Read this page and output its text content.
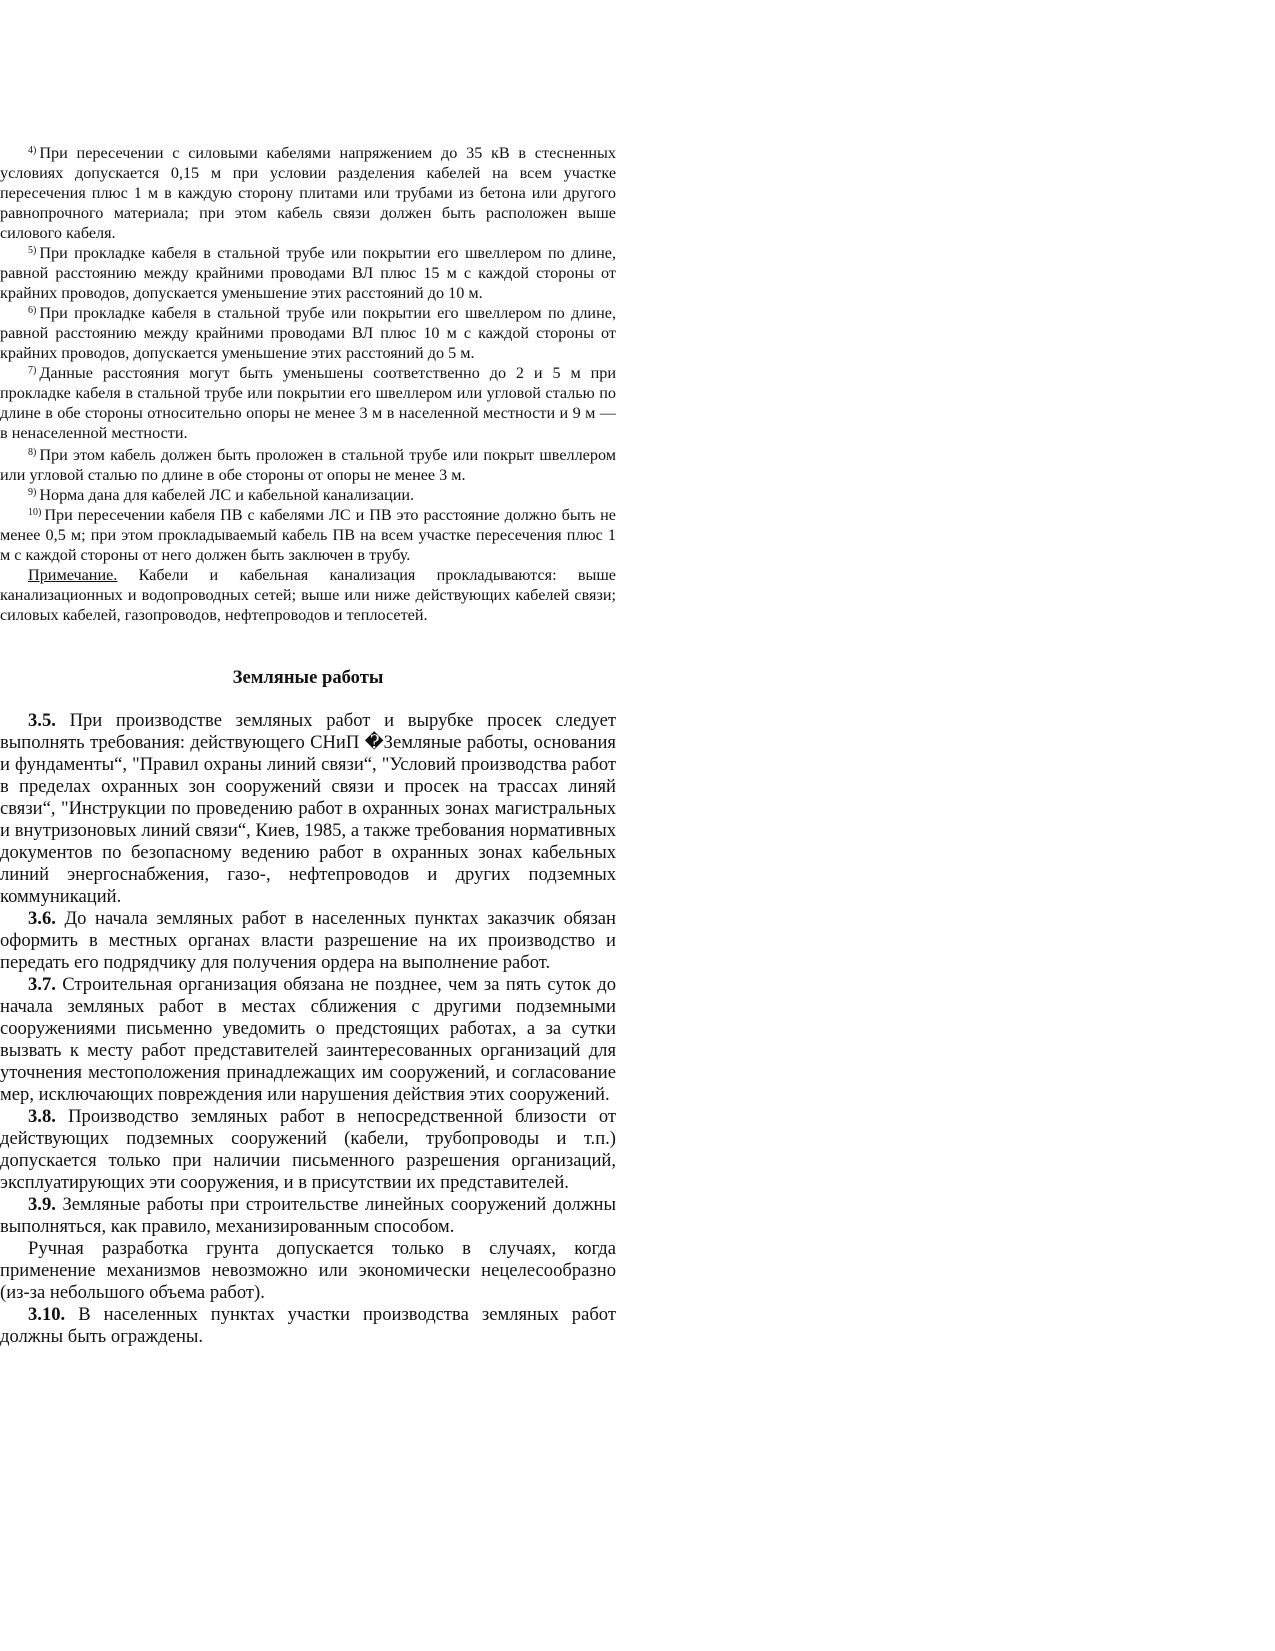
$^{4)}$ При пересечении с силовыми кабелями напряжением до 35 кВ в стесненных условиях допускается 0,15 м при условии разделения кабелей на всем участке пересечения плюс 1 м в каждую сторону плитами или трубами из бетона или другого равнопрочного материала; при этом кабель связи должен быть расположен выше силового кабеля.

$^{5)}$ При прокладке кабеля в стальной трубе или покрытии его швеллером по длине, равной расстоянию между крайними проводами ВЛ плюс 15 м с каждой стороны от крайних проводов, допускается уменьшение этих расстояний до 10 м.

$^{6)}$ При прокладке кабеля в стальной трубе или покрытии его швеллером по длине, равной расстоянию между крайними проводами ВЛ плюс 10 м с каждой стороны от крайних проводов, допускается уменьшение этих расстояний до 5 м.

$^{7)}$ Данные расстояния могут быть уменьшены соответственно до 2 и 5 м при прокладке кабеля в стальной трубе или покрытии его швеллером или угловой сталью по длине в обе стороны относительно опоры не менее 3 м в населенной местности и 9 м — в ненаселенной местности.

$^{8)}$ При этом кабель должен быть проложен в стальной трубе или покрыт швеллером или угловой сталью по длине в обе стороны от опоры не менее 3 м.

$^{9)}$ Норма дана для кабелей ЛС и кабельной канализации.

$^{10)}$ При пересечении кабеля ПВ с кабелями ЛС и ПВ это расстояние должно быть не менее 0,5 м; при этом прокладываемый кабель ПВ на всем участке пересечения плюс 1 м с каждой стороны от него должен быть заключен в трубу.

Примечание. Кабели и кабельная канализация прокладываются: выше канализационных и водопроводных сетей; выше или ниже действующих кабелей связи; силовых кабелей, газопроводов, нефтепроводов и теплосетей.

Земляные работы

3.5. При производстве земляных работ и вырубке просек следует выполнять требования: действующего СНиП �Земляные работы, основания и фундаменты“, "Правил охраны линий связи“, "Условий производства работ в пределах охранных зон сооружений связи и просек на трассах линяй связи“, "Инструкции по проведению работ в охранных зонах магистральных и внутризоновых линий связи“, Киев, 1985, а также требования нормативных документов по безопасному ведению работ в охранных зонах кабельных линий энергоснабжения, газо-, нефтепроводов и других подземных коммуникаций.

3.6. До начала земляных работ в населенных пунктах заказчик обязан оформить в местных органах власти разрешение на их производство и передать его подрядчику для получения ордера на выполнение работ.

3.7. Строительная организация обязана не позднее, чем за пять суток до начала земляных работ в местах сближения с другими подземными сооружениями письменно уведомить о предстоящих работах, а за сутки вызвать к месту работ представителей заинтересованных организаций для уточнения местоположения принадлежащих им сооружений, и согласование мер, исключающих повреждения или нарушения действия этих сооружений.

3.8. Производство земляных работ в непосредственной близости от действующих подземных сооружений (кабели, трубопроводы и т.п.) допускается только при наличии письменного разрешения организаций, эксплуатирующих эти сооружения, и в присутствии их представителей.

3.9. Земляные работы при строительстве линейных сооружений должны выполняться, как правило, механизированным способом.

Ручная разработка грунта допускается только в случаях, когда применение механизмов невозможно или экономически нецелесообразно (из-за небольшого объема работ).

3.10. В населенных пунктах участки производства земляных работ должны быть ограждены.
